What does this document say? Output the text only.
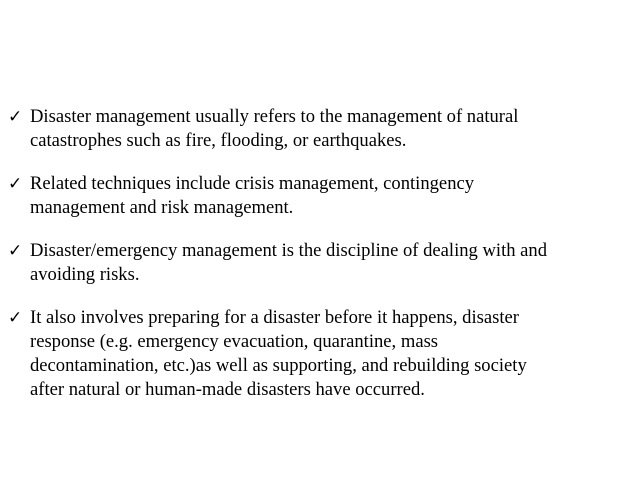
✓ Disaster management usually refers to the management of natural
catastrophes such as fire, flooding, or earthquakes.
✓ Related techniques include crisis management, contingency
management and risk management.
✓ Disaster/emergency management is the discipline of dealing with and
avoiding risks.
✓ It also involves preparing for a disaster before it happens, disaster
response (e.g. emergency evacuation, quarantine, mass
decontamination, etc.)as well as supporting, and rebuilding society
after natural or human-made disasters have occurred.
